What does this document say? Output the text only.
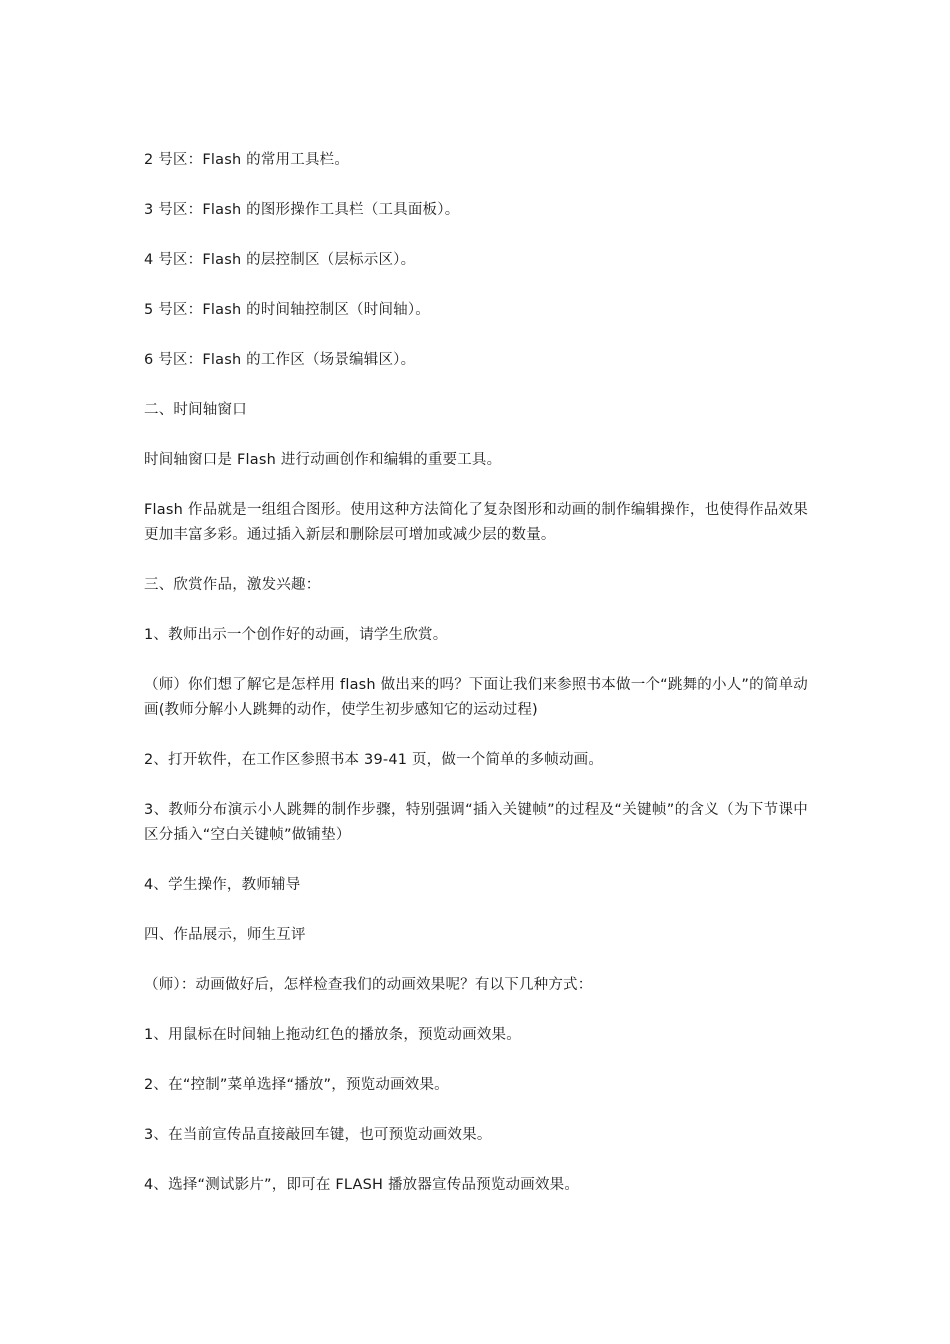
2 号区：Flash 的常用工具栏。

3 号区：Flash 的图形操作工具栏（工具面板）。

4 号区：Flash 的层控制区（层标示区）。

5 号区：Flash 的时间轴控制区（时间轴）。

6 号区：Flash 的工作区（场景编辑区）。

二、时间轴窗口

时间轴窗口是 Flash 进行动画创作和编辑的重要工具。

Flash 作品就是一组组合图形。使用这种方法简化了复杂图形和动画的制作编辑操作，也使得作品效果更加丰富多彩。通过插入新层和删除层可增加或减少层的数量。

三、欣赏作品，激发兴趣：

1、教师出示一个创作好的动画，请学生欣赏。

（师）你们想了解它是怎样用 flash 做出来的吗？下面让我们来参照书本做一个“跳舞的小人”的简单动画(教师分解小人跳舞的动作，使学生初步感知它的运动过程)

2、打开软件，在工作区参照书本 39-41 页，做一个简单的多帧动画。

3、教师分布演示小人跳舞的制作步骤，特别强调“插入关键帧”的过程及“关键帧”的含义（为下节课中区分插入“空白关键帧”做铺垫）

4、学生操作，教师辅导

四、作品展示，师生互评

（师）：动画做好后，怎样检查我们的动画效果呢？有以下几种方式：

1、用鼠标在时间轴上拖动红色的播放条，预览动画效果。

2、在“控制”菜单选择“播放”，预览动画效果。

3、在当前宣传品直接敲回车键，也可预览动画效果。

4、选择“测试影片”，即可在 FLASH 播放器宣传品预览动画效果。
